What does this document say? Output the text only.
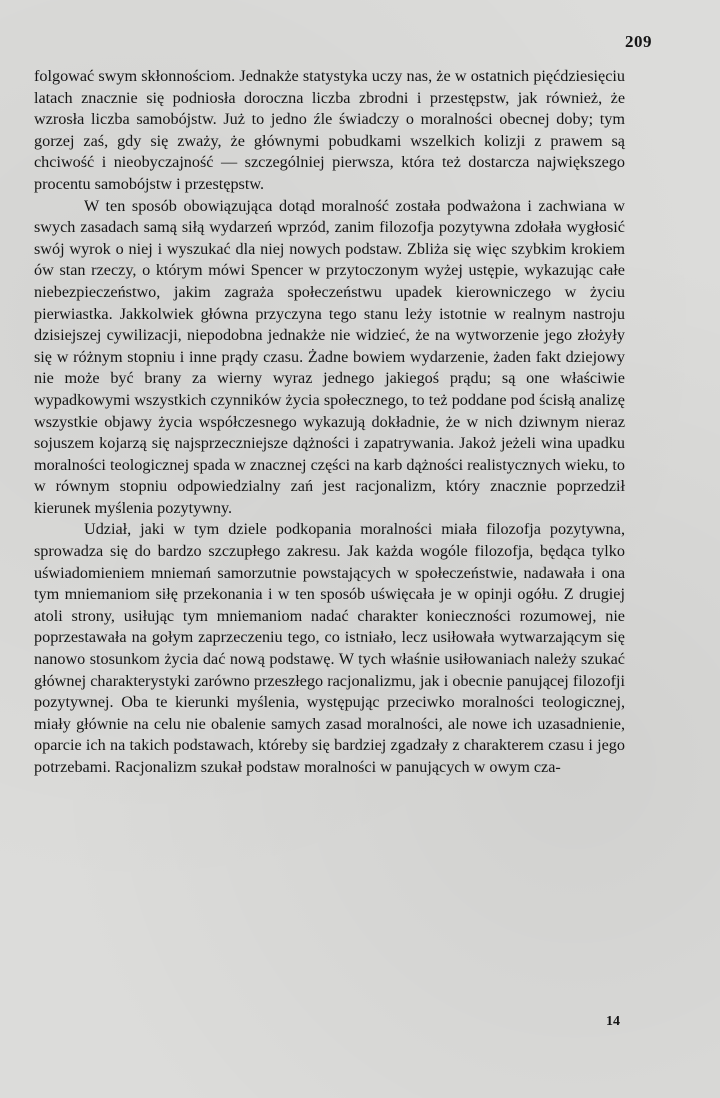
209

folgować swym skłonnościom. Jednakże statystyka uczy nas, że w ostatnich pięćdziesięciu latach znacznie się podniosła doroczna liczba zbrodni i przestępstw, jak również, że wzrosła liczba samobójstw. Już to jedno źle świadczy o moralności obecnej doby; tym gorzej zaś, gdy się zważy, że głównymi pobudkami wszelkich kolizji z prawem są chciwość i nieobyczajność — szczególniej pierwsza, która też dostarcza największego procentu samobójstw i przestępstw.

W ten sposób obowiązująca dotąd moralność została podważona i zachwiana w swych zasadach samą siłą wydarzeń wprzód, zanim filozofja pozytywna zdołała wygłosić swój wyrok o niej i wyszukać dla niej nowych podstaw. Zbliża się więc szybkim krokiem ów stan rzeczy, o którym mówi Spencer w przytoczonym wyżej ustępie, wykazując całe niebezpieczeństwo, jakim zagraża społeczeństwu upadek kierowniczego w życiu pierwiastka. Jakkolwiek główna przyczyna tego stanu leży istotnie w realnym nastroju dzisiejszej cywilizacji, niepodobna jednakże nie widzieć, że na wytworzenie jego złożyły się w różnym stopniu i inne prądy czasu. Żadne bowiem wydarzenie, żaden fakt dziejowy nie może być brany za wierny wyraz jednego jakiegoś prądu; są one właściwie wypadkowymi wszystkich czynników życia społecznego, to też poddane pod ścisłą analizę wszystkie objawy życia współczesnego wykazują dokładnie, że w nich dziwnym nieraz sojuszem kojarzą się najsprzeczniejsze dążności i zapatrywania. Jakoż jeżeli wina upadku moralności teologicznej spada w znacznej części na karb dążności realistycznych wieku, to w równym stopniu odpowiedzialny zań jest racjonalizm, który znacznie poprzedził kierunek myślenia pozytywny.

Udział, jaki w tym dziele podkopania moralności miała filozofja pozytywna, sprowadza się do bardzo szczupłego zakresu. Jak każda wogóle filozofja, będąca tylko uświadomieniem mniemań samorzutnie powstających w społeczeństwie, nadawała i ona tym mniemaniom siłę przekonania i w ten sposób uświęcała je w opinji ogółu. Z drugiej atoli strony, usiłując tym mniemaniom nadać charakter konieczności rozumowej, nie poprzestawała na gołym zaprzeczeniu tego, co istniało, lecz usiłowała wytwarzającym się nanowo stosunkom życia dać nową podstawę. W tych właśnie usiłowaniach należy szukać głównej charakterystyki zarówno przeszłego racjonalizmu, jak i obecnie panującej filozofji pozytywnej. Oba te kierunki myślenia, występując przeciwko moralności teologicznej, miały głównie na celu nie obalenie samych zasad moralności, ale nowe ich uzasadnienie, oparcie ich na takich podstawach, któreby się bardziej zgadzały z charakterem czasu i jego potrzebami. Racjonalizm szukał podstaw moralności w panujących w owym cza-

14
